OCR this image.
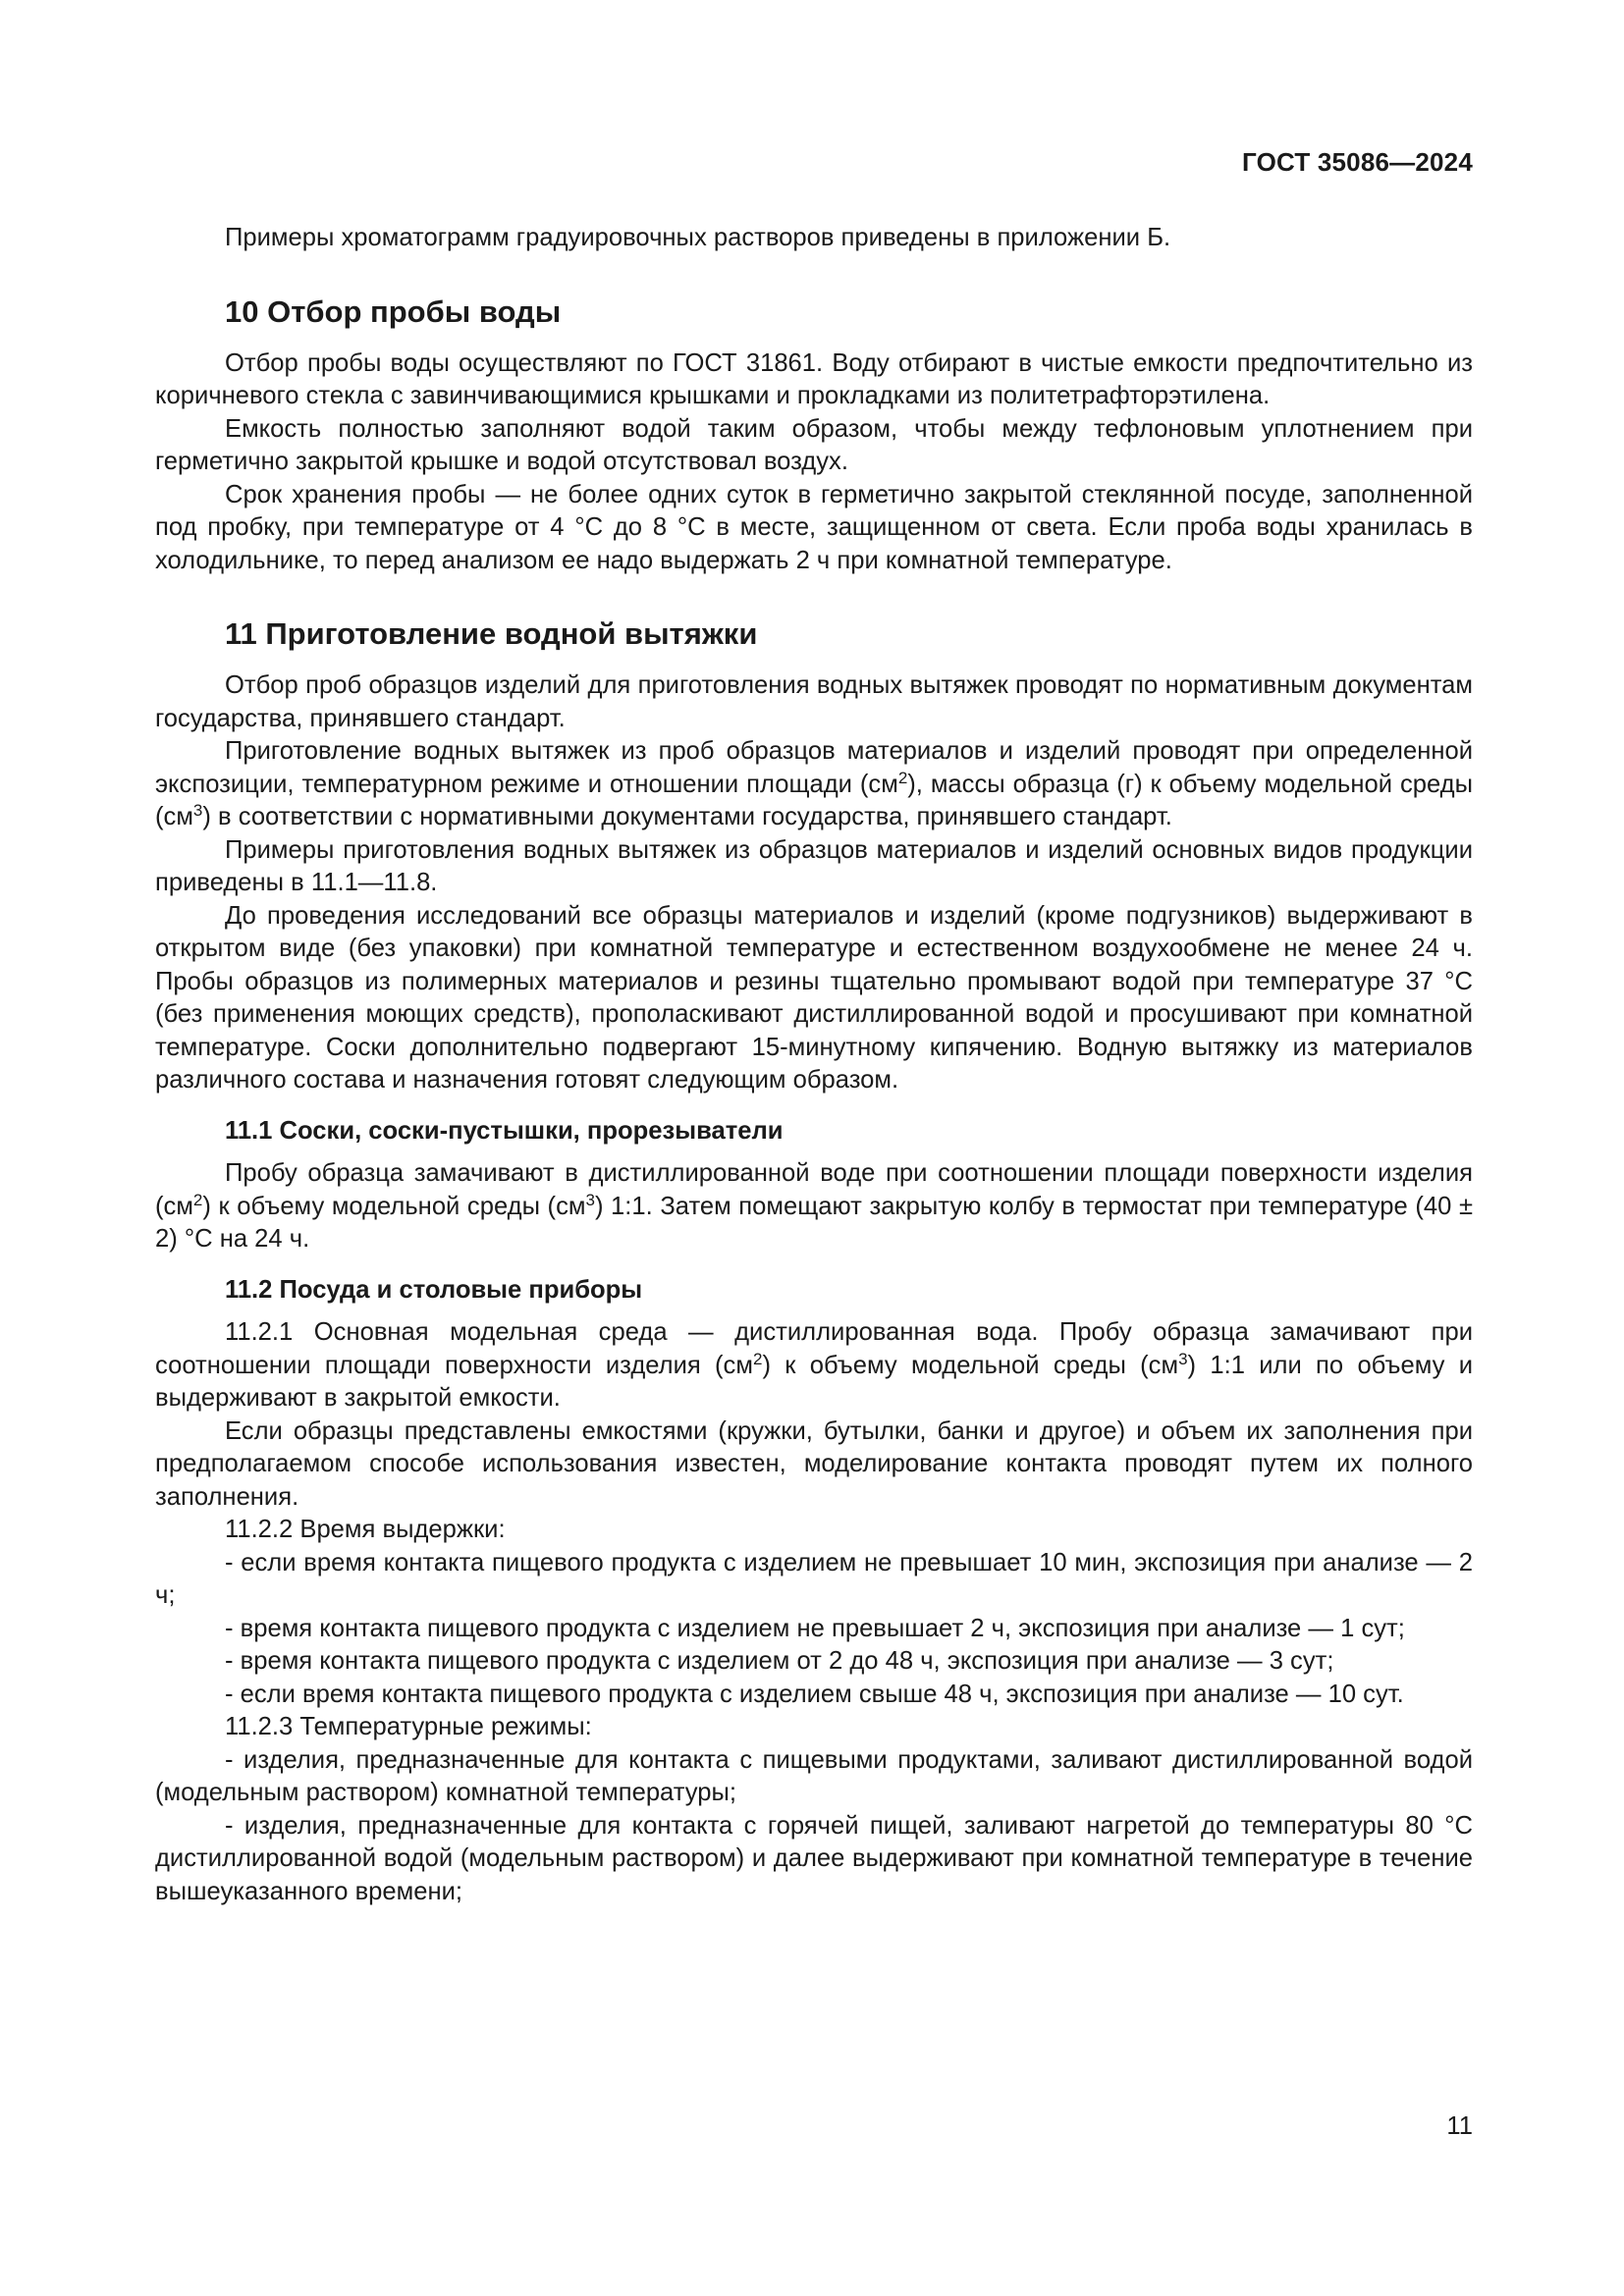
ГОСТ 35086—2024

Примеры хроматограмм градуировочных растворов приведены в приложении Б.

10 Отбор пробы воды

Отбор пробы воды осуществляют по ГОСТ 31861. Воду отбирают в чистые емкости предпочтительно из коричневого стекла с завинчивающимися крышками и прокладками из политетрафторэтилена.

Емкость полностью заполняют водой таким образом, чтобы между тефлоновым уплотнением при герметично закрытой крышке и водой отсутствовал воздух.

Срок хранения пробы — не более одних суток в герметично закрытой стеклянной посуде, заполненной под пробку, при температуре от 4 °C до 8 °C в месте, защищенном от света. Если проба воды хранилась в холодильнике, то перед анализом ее надо выдержать 2 ч при комнатной температуре.

11 Приготовление водной вытяжки

Отбор проб образцов изделий для приготовления водных вытяжек проводят по нормативным документам государства, принявшего стандарт.

Приготовление водных вытяжек из проб образцов материалов и изделий проводят при определенной экспозиции, температурном режиме и отношении площади $(см^2)$, массы образца (г) к объему модельной среды $(см^3)$ в соответствии с нормативными документами государства, принявшего стандарт.

Примеры приготовления водных вытяжек из образцов материалов и изделий основных видов продукции приведены в 11.1—11.8.

До проведения исследований все образцы материалов и изделий (кроме подгузников) выдерживают в открытом виде (без упаковки) при комнатной температуре и естественном воздухообмене не менее 24 ч. Пробы образцов из полимерных материалов и резины тщательно промывают водой при температуре 37 °C (без применения моющих средств), прополаскивают дистиллированной водой и просушивают при комнатной температуре. Соски дополнительно подвергают 15-минутному кипячению. Водную вытяжку из материалов различного состава и назначения готовят следующим образом.

11.1 Соски, соски-пустышки, прорезыватели

Пробу образца замачивают в дистиллированной воде при соотношении площади поверхности изделия $(см^2)$ к объему модельной среды $(см^3)$ 1:1. Затем помещают закрытую колбу в термостат при температуре (40 ± 2) °C на 24 ч.

11.2 Посуда и столовые приборы

11.2.1 Основная модельная среда — дистиллированная вода. Пробу образца замачивают при соотношении площади поверхности изделия $(см^2)$ к объему модельной среды $(см^3)$ 1:1 или по объему и выдерживают в закрытой емкости.

Если образцы представлены емкостями (кружки, бутылки, банки и другое) и объем их заполнения при предполагаемом способе использования известен, моделирование контакта проводят путем их полного заполнения.

11.2.2 Время выдержки:

- если время контакта пищевого продукта с изделием не превышает 10 мин, экспозиция при анализе — 2 ч;

- время контакта пищевого продукта с изделием не превышает 2 ч, экспозиция при анализе — 1 сут;

- время контакта пищевого продукта с изделием от 2 до 48 ч, экспозиция при анализе — 3 сут;

- если время контакта пищевого продукта с изделием свыше 48 ч, экспозиция при анализе — 10 сут.

11.2.3 Температурные режимы:

- изделия, предназначенные для контакта с пищевыми продуктами, заливают дистиллированной водой (модельным раствором) комнатной температуры;

- изделия, предназначенные для контакта с горячей пищей, заливают нагретой до температуры 80 °C дистиллированной водой (модельным раствором) и далее выдерживают при комнатной температуре в течение вышеуказанного времени;

11
